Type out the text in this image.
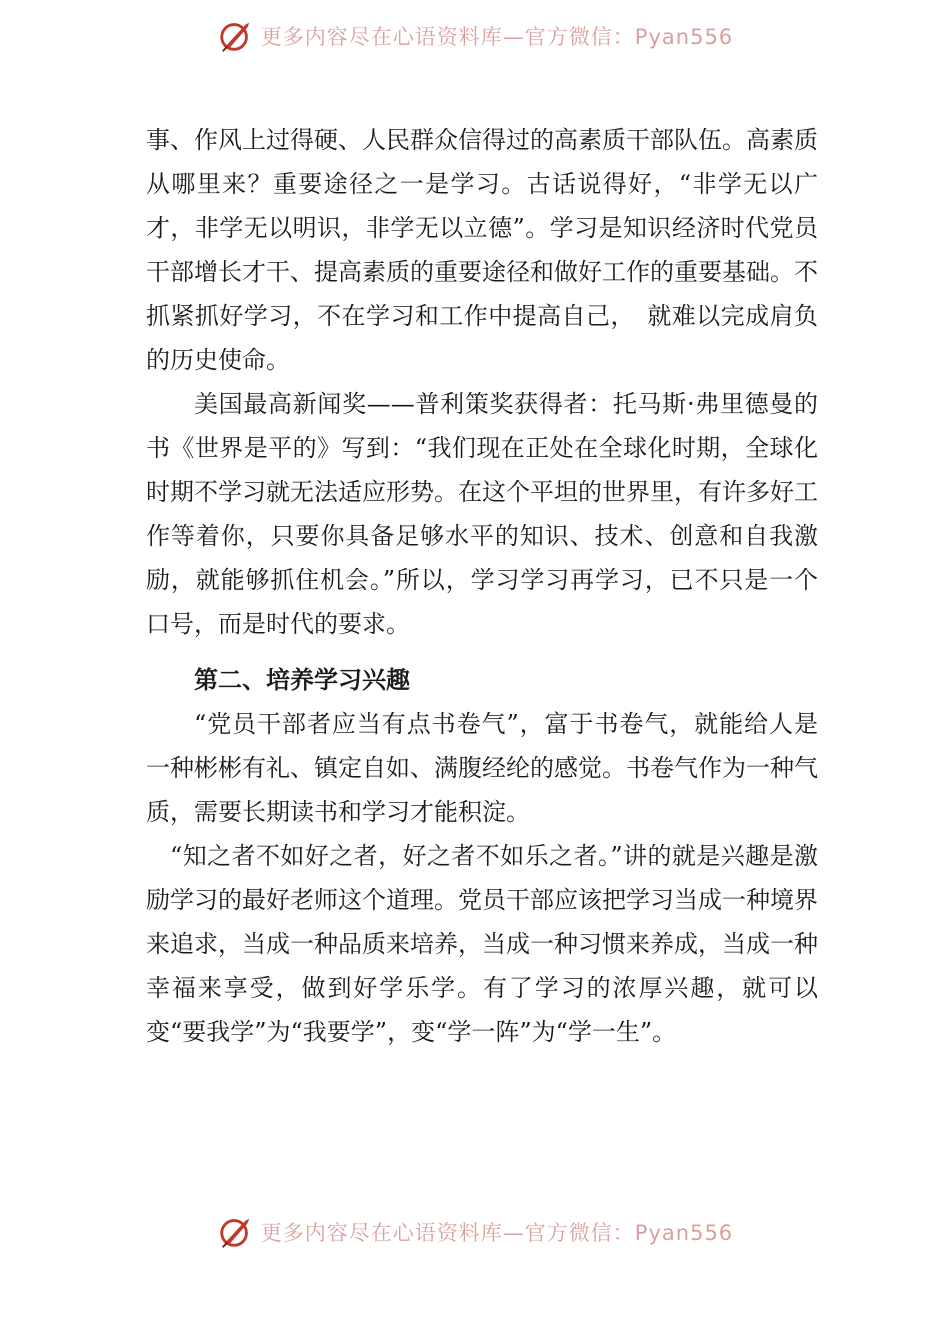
更多内容尽在心语资料库—官方微信：Pyan556

事、作风上过得硬、人民群众信得过的高素质干部队伍。高素质从哪里来？重要途径之一是学习。古话说得好，“非学无以广才，非学无以明识，非学无以立德”。学习是知识经济时代党员干部增长才干、提高素质的重要途径和做好工作的重要基础。不抓紧抓好学习，不在学习和工作中提高自己，　就难以完成肩负的历史使命。

美国最高新闻奖——普利策奖获得者：托马斯·弗里德曼的书《世界是平的》写到：“我们现在正处在全球化时期，全球化时期不学习就无法适应形势。在这个平坦的世界里，有许多好工作等着你，只要你具备足够水平的知识、技术、创意和自我激励，就能够抓住机会。”所以，学习学习再学习，已不只是一个口号，而是时代的要求。

第二、培养学习兴趣

“党员干部者应当有点书卷气”，富于书卷气，就能给人是一种彬彬有礼、镇定自如、满腹经纶的感觉。书卷气作为一种气质，需要长期读书和学习才能积淀。

“知之者不如好之者，好之者不如乐之者。”讲的就是兴趣是激励学习的最好老师这个道理。党员干部应该把学习当成一种境界来追求，当成一种品质来培养，当成一种习惯来养成，当成一种幸福来享受，做到好学乐学。有了学习的浓厚兴趣，就可以变“要我学”为“我要学”，变“学一阵”为“学一生”。

更多内容尽在心语资料库—官方微信：Pyan556
